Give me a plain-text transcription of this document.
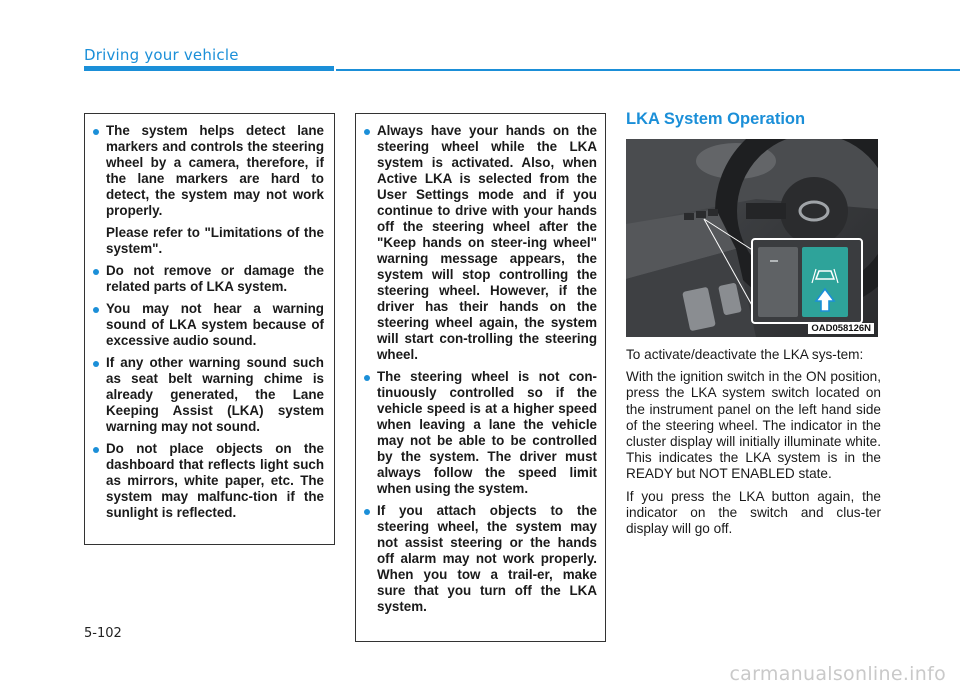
Driving your vehicle
The system helps detect lane markers and controls the steering wheel by a camera, therefore, if the lane markers are hard to detect, the system may not work properly.
Please refer to "Limitations of the system".
Do not remove or damage the related parts of LKA system.
You may not hear a warning sound of LKA system because of excessive audio sound.
If any other warning sound such as seat belt warning chime is already generated, the Lane Keeping Assist (LKA) system warning may not sound.
Do not place objects on the dashboard that reflects light such as mirrors, white paper, etc. The system may malfunc-tion if the sunlight is reflected.
Always have your hands on the steering wheel while the LKA system is activated. Also, when Active LKA is selected from the User Settings mode and if you continue to drive with your hands off the steering wheel after the "Keep hands on steer-ing wheel" warning message appears, the system will stop controlling the steering wheel. However, if the driver has their hands on the steering wheel again, the system will start con-trolling the steering wheel.
The steering wheel is not con-tinuously controlled so if the vehicle speed is at a higher speed when leaving a lane the vehicle may not be able to be controlled by the system. The driver must always follow the speed limit when using the system.
If you attach objects to the steering wheel, the system may not assist steering or the hands off alarm may not work properly. When you tow a trail-er, make sure that you turn off the LKA system.
LKA System Operation
OAD058126N

To activate/deactivate the LKA sys-tem:

With the ignition switch in the ON position, press the LKA system switch located on the instrument panel on the left hand side of the steering wheel. The indicator in the cluster display will initially illuminate white. This indicates the LKA system is in the READY but NOT ENABLED state.

If you press the LKA button again, the indicator on the switch and clus-ter display will go off.

5-102
carmanualsonline.info
